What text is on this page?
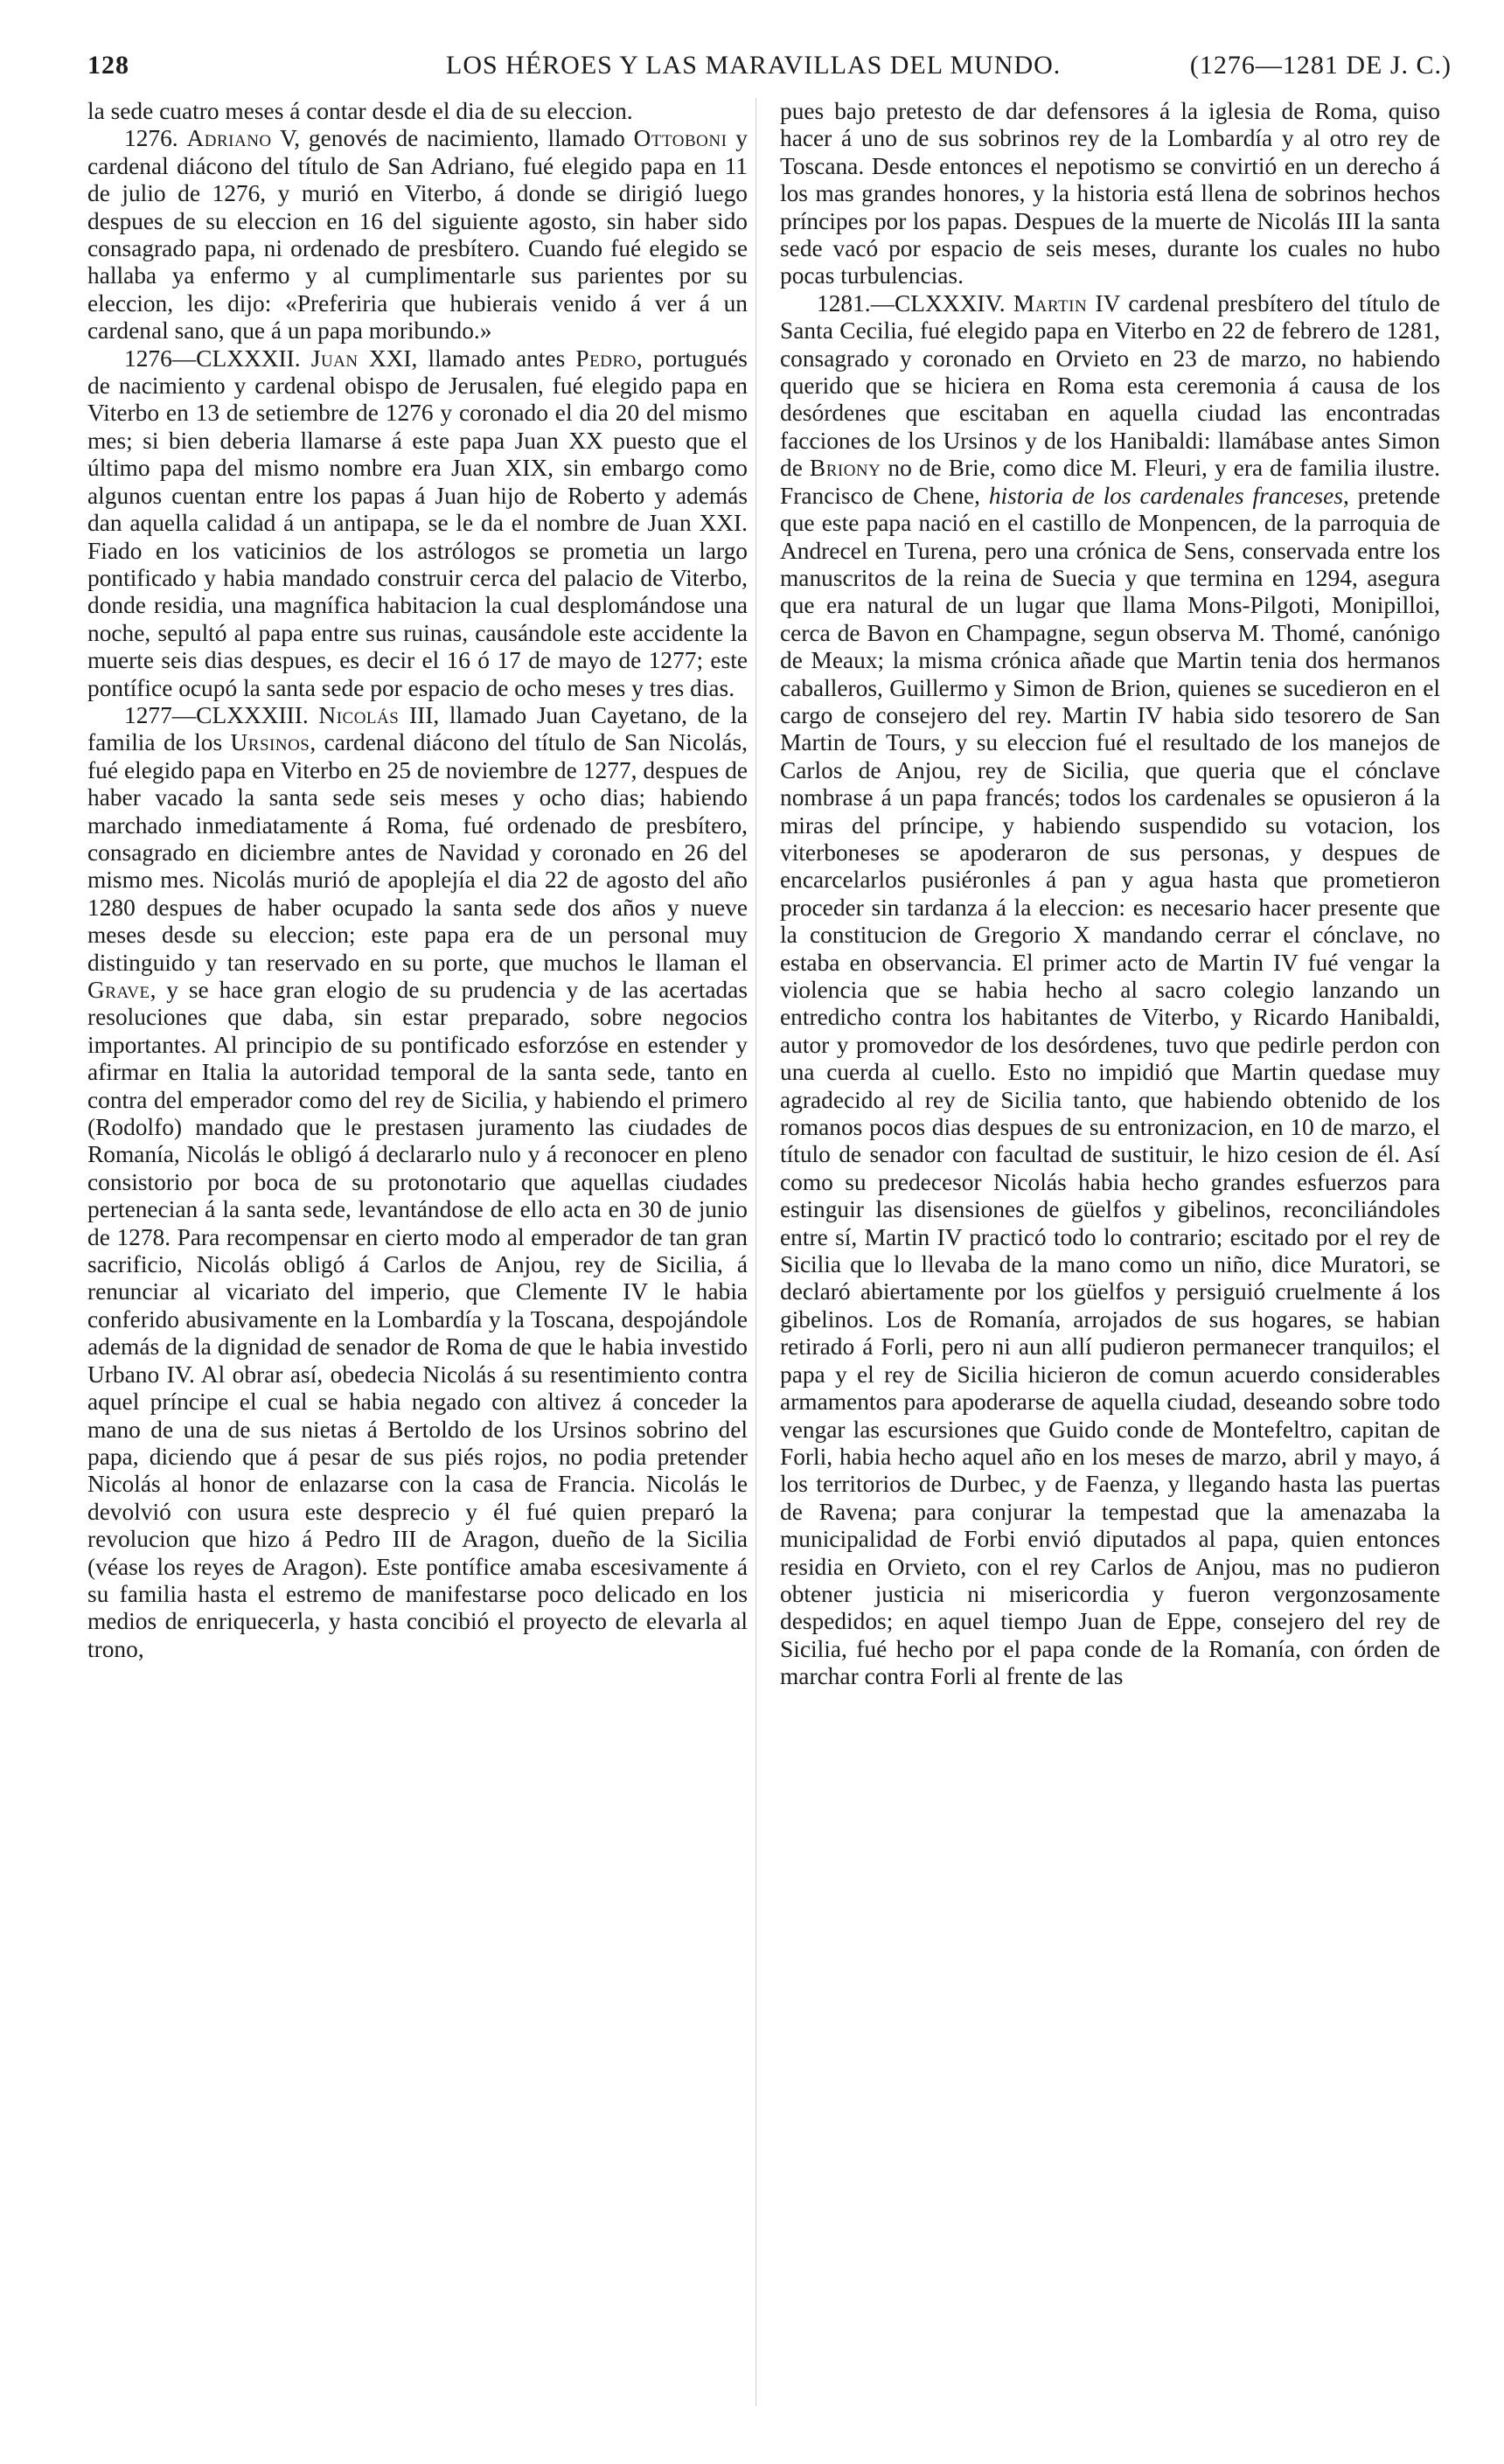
128	LOS HÉROES Y LAS MARAVILLAS DEL MUNDO.	(1276—1281 DE J. C.)

la sede cuatro meses á contar desde el dia de su eleccion.

1276. Adriano V, genovés de nacimiento, llamado Ottoboni y cardenal diácono del título de San Adriano, fué elegido papa en 11 de julio de 1276, y murió en Viterbo, á donde se dirigió luego despues de su eleccion en 16 del siguiente agosto, sin haber sido consagrado papa, ni ordenado de presbítero. Cuando fué elegido se hallaba ya enfermo y al cumplimentarle sus parientes por su eleccion, les dijo: «Preferiria que hubierais venido á ver á un cardenal sano, que á un papa moribundo.»

1276—CLXXXII. Juan XXI, llamado antes Pedro, portugués de nacimiento y cardenal obispo de Jerusalen, fué elegido papa en Viterbo en 13 de setiembre de 1276 y coronado el dia 20 del mismo mes; si bien deberia llamarse á este papa Juan XX puesto que el último papa del mismo nombre era Juan XIX, sin embargo como algunos cuentan entre los papas á Juan hijo de Roberto y además dan aquella calidad á un antipapa, se le da el nombre de Juan XXI. Fiado en los vaticinios de los astrólogos se prometia un largo pontificado y habia mandado construir cerca del palacio de Viterbo, donde residia, una magnífica habitacion la cual desplomándose una noche, sepultó al papa entre sus ruinas, causándole este accidente la muerte seis dias despues, es decir el 16 ó 17 de mayo de 1277; este pontífice ocupó la santa sede por espacio de ocho meses y tres dias.

1277—CLXXXIII. Nicolás III, llamado Juan Cayetano, de la familia de los Ursinos, cardenal diácono del título de San Nicolás, fué elegido papa en Viterbo en 25 de noviembre de 1277, despues de haber vacado la santa sede seis meses y ocho dias; habiendo marchado inmediatamente á Roma, fué ordenado de presbítero, consagrado en diciembre antes de Navidad y coronado en 26 del mismo mes. Nicolás murió de apoplejía el dia 22 de agosto del año 1280 despues de haber ocupado la santa sede dos años y nueve meses desde su eleccion; este papa era de un personal muy distinguido y tan reservado en su porte, que muchos le llaman el Grave, y se hace gran elogio de su prudencia y de las acertadas resoluciones que daba, sin estar preparado, sobre negocios importantes. Al principio de su pontificado esforzóse en estender y afirmar en Italia la autoridad temporal de la santa sede, tanto en contra del emperador como del rey de Sicilia, y habiendo el primero (Rodolfo) mandado que le prestasen juramento las ciudades de Romanía, Nicolás le obligó á declararlo nulo y á reconocer en pleno consistorio por boca de su protonotario que aquellas ciudades pertenecian á la santa sede, levantándose de ello acta en 30 de junio de 1278. Para recompensar en cierto modo al emperador de tan gran sacrificio, Nicolás obligó á Carlos de Anjou, rey de Sicilia, á renunciar al vicariato del imperio, que Clemente IV le habia conferido abusivamente en la Lombardía y la Toscana, despojándole además de la dignidad de senador de Roma de que le habia investido Urbano IV. Al obrar así, obedecia Nicolás á su resentimiento contra aquel príncipe el cual se habia negado con altivez á conceder la mano de una de sus nietas á Bertoldo de los Ursinos sobrino del papa, diciendo que á pesar de sus piés rojos, no podia pretender Nicolás al honor de enlazarse con la casa de Francia. Nicolás le devolvió con usura este desprecio y él fué quien preparó la revolucion que hizo á Pedro III de Aragon, dueño de la Sicilia (véase los reyes de Aragon). Este pontífice amaba escesivamente á su familia hasta el estremo de manifestarse poco delicado en los medios de enriquecerla, y hasta concibió el proyecto de elevarla al trono,

pues bajo pretesto de dar defensores á la iglesia de Roma, quiso hacer á uno de sus sobrinos rey de la Lombardía y al otro rey de Toscana. Desde entonces el nepotismo se convirtió en un derecho á los mas grandes honores, y la historia está llena de sobrinos hechos príncipes por los papas. Despues de la muerte de Nicolás III la santa sede vacó por espacio de seis meses, durante los cuales no hubo pocas turbulencias.

1281.—CLXXXIV. Martin IV cardenal presbítero del título de Santa Cecilia, fué elegido papa en Viterbo en 22 de febrero de 1281, consagrado y coronado en Orvieto en 23 de marzo, no habiendo querido que se hiciera en Roma esta ceremonia á causa de los desórdenes que escitaban en aquella ciudad las encontradas facciones de los Ursinos y de los Hanibaldi: llamábase antes Simon de Briony no de Brie, como dice M. Fleuri, y era de familia ilustre. Francisco de Chene, historia de los cardenales franceses, pretende que este papa nació en el castillo de Monpencen, de la parroquia de Andrecel en Turena, pero una crónica de Sens, conservada entre los manuscritos de la reina de Suecia y que termina en 1294, asegura que era natural de un lugar que llama Mons-Pilgoti, Monipilloi, cerca de Bavon en Champagne, segun observa M. Thomé, canónigo de Meaux; la misma crónica añade que Martin tenia dos hermanos caballeros, Guillermo y Simon de Brion, quienes se sucedieron en el cargo de consejero del rey. Martin IV habia sido tesorero de San Martin de Tours, y su eleccion fué el resultado de los manejos de Carlos de Anjou, rey de Sicilia, que queria que el cónclave nombrase á un papa francés; todos los cardenales se opusieron á la miras del príncipe, y habiendo suspendido su votacion, los viterboneses se apoderaron de sus personas, y despues de encarcelarlos pusiéronles á pan y agua hasta que prometieron proceder sin tardanza á la eleccion: es necesario hacer presente que la constitucion de Gregorio X mandando cerrar el cónclave, no estaba en observancia. El primer acto de Martin IV fué vengar la violencia que se habia hecho al sacro colegio lanzando un entredicho contra los habitantes de Viterbo, y Ricardo Hanibaldi, autor y promovedor de los desórdenes, tuvo que pedirle perdon con una cuerda al cuello. Esto no impidió que Martin quedase muy agradecido al rey de Sicilia tanto, que habiendo obtenido de los romanos pocos dias despues de su entronizacion, en 10 de marzo, el título de senador con facultad de sustituir, le hizo cesion de él. Así como su predecesor Nicolás habia hecho grandes esfuerzos para estinguir las disensiones de güelfos y gibelinos, reconciliándoles entre sí, Martin IV practicó todo lo contrario; escitado por el rey de Sicilia que lo llevaba de la mano como un niño, dice Muratori, se declaró abiertamente por los güelfos y persiguió cruelmente á los gibelinos. Los de Romanía, arrojados de sus hogares, se habian retirado á Forli, pero ni aun allí pudieron permanecer tranquilos; el papa y el rey de Sicilia hicieron de comun acuerdo considerables armamentos para apoderarse de aquella ciudad, deseando sobre todo vengar las escursiones que Guido conde de Montefeltro, capitan de Forli, habia hecho aquel año en los meses de marzo, abril y mayo, á los territorios de Durbec, y de Faenza, y llegando hasta las puertas de Ravena; para conjurar la tempestad que la amenazaba la municipalidad de Forbi envió diputados al papa, quien entonces residia en Orvieto, con el rey Carlos de Anjou, mas no pudieron obtener justicia ni misericordia y fueron vergonzosamente despedidos; en aquel tiempo Juan de Eppe, consejero del rey de Sicilia, fué hecho por el papa conde de la Romanía, con órden de marchar contra Forli al frente de las
